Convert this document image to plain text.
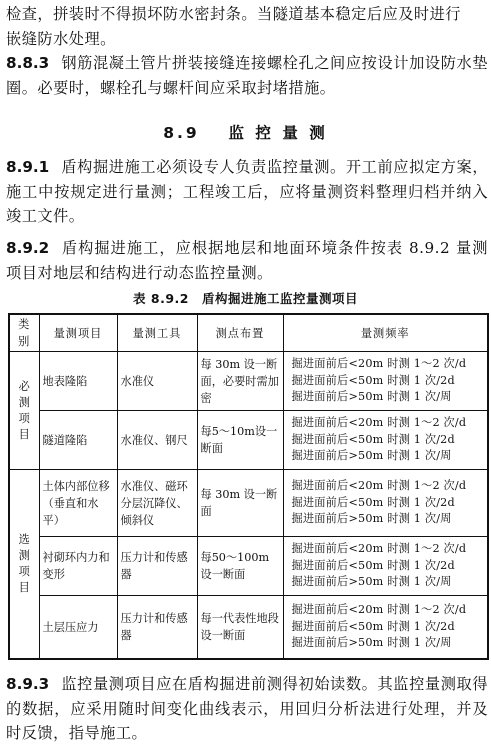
检查，拼装时不得损坏防水密封条。当隧道基本稳定后应及时进行
嵌缝防水处理。
8.8.3 钢筋混凝土管片拼装接缝连接螺栓孔之间应按设计加设防水垫圈。必要时，螺栓孔与螺杆间应采取封堵措施。
8.9 监 控 量 测
8.9.1 盾构掘进施工必须设专人负责监控量测。开工前应拟定方案，施工中按规定进行量测；工程竣工后，应将量测资料整理归档并纳入竣工文件。
8.9.2 盾构掘进施工，应根据地层和地面环境条件按表 8.9.2 量测项目对地层和结构进行动态监控量测。
表 8.9.2　盾构掘进施工监控量测项目
类别	量测项目	量测工具	测点布置	量测频率

必测项目	地表隆陷	水准仪	每 30m 设一断面，必要时需加密	掘进面前后<20m 时测 1～2 次/d
掘进面前后<50m 时测 1 次/2d
掘进面前后>50m 时测 1 次/周

	隧道隆陷	水准仪、钢尺	每5～10m设一断面	掘进面前后<20m 时测 1～2 次/d
掘进面前后<50m 时测 1 次/2d
掘进面前后>50m 时测 1 次/周

选测项目	土体内部位移（垂直和水平）	水准仪、磁环分层沉降仪、倾斜仪	每 30m 设一断面	掘进面前后<20m 时测 1～2 次/d
掘进面前后<50m 时测 1 次/2d
掘进面前后>50m 时测 1 次/周

	衬砌环内力和变形	压力计和传感器	每50～100m设一断面	掘进面前后<20m 时测 1～2 次/d
掘进面前后<50m 时测 1 次/2d
掘进面前后>50m 时测 1 次/周

	土层压应力	压力计和传感器	每一代表性地段设一断面	掘进面前后<20m 时测 1～2 次/d
掘进面前后<50m 时测 1 次/2d
掘进面前后>50m 时测 1 次/周
8.9.3 监控量测项目应在盾构掘进前测得初始读数。其监控量测取得的数据，应采用随时间变化曲线表示，用回归分析法进行处理，并及时反馈，指导施工。
